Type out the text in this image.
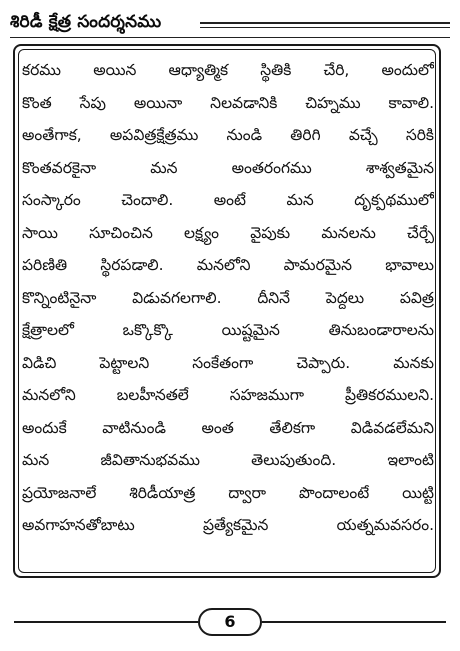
శిరిడీ క్షేత్ర సందర్శనము
కరము అయిన ఆధ్యాత్మిక స్థితికి చేరి, అందులో
కొంత సేపు అయినా నిలవడానికి చిహ్నము కావాలి.
అంతేగాక, అపవిత్రక్షేత్రము నుండి తిరిగి వచ్చే సరికి
కొంతవరకైనా మన అంతరంగము శాశ్వతమైన
సంస్కారం చెందాలి. అంటే మన దృక్పథములో
సాయి సూచించిన లక్ష్యం వైపుకు మనలను చేర్చే
పరిణితి స్థిరపడాలి. మనలోని పామరమైన భావాలు
కొన్నింటినైనా విడువగలగాలి. దీనినే పెద్దలు పవిత్ర
క్షేత్రాలలో ఒక్కొక్కొ యిష్టమైన తినుబండారాలను
విడిచి పెట్టాలని సంకేతంగా చెప్పారు. మనకు
మనలోని బలహీనతలే సహజముగా ప్రీతికరములని.
అందుకే వాటినుండి అంత తేలికగా విడివడలేమని
మన జీవితానుభవము తెలుపుతుంది. ఇలాంటి
ప్రయోజనాలే శిరిడీయాత్ర ద్వారా పొందాలంటే యిట్టి
అవగాహనతోబాటు ప్రత్యేకమైన యత్నమవసరం.
6
